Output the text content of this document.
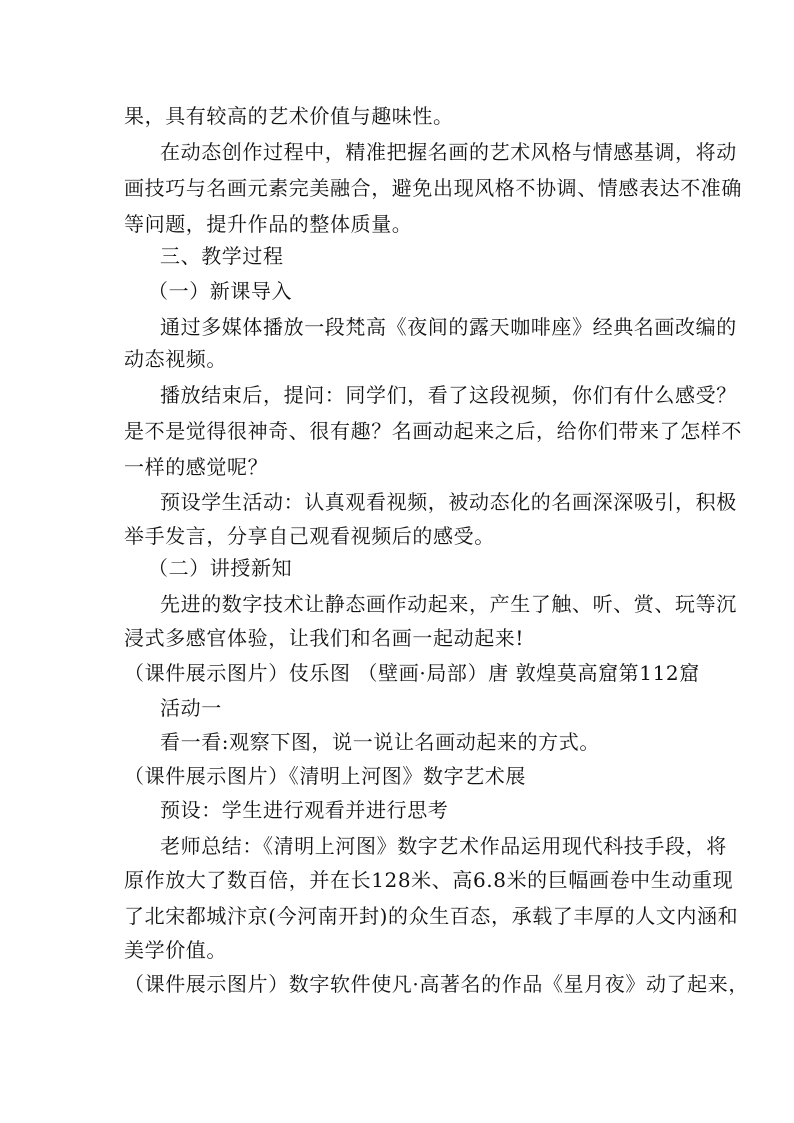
果，具有较高的艺术价值与趣味性。
在动态创作过程中，精准把握名画的艺术风格与情感基调，将动
画技巧与名画元素完美融合，避免出现风格不协调、情感表达不准确
等问题，提升作品的整体质量。
三、教学过程
（一）新课导入
通过多媒体播放一段梵高《夜间的露天咖啡座》经典名画改编的
动态视频。
播放结束后，提问：同学们，看了这段视频，你们有什么感受？
是不是觉得很神奇、很有趣？名画动起来之后，给你们带来了怎样不
一样的感觉呢？
预设学生活动：认真观看视频，被动态化的名画深深吸引，积极
举手发言，分享自己观看视频后的感受。
（二）讲授新知
先进的数字技术让静态画作动起来，产生了触、听、赏、玩等沉
浸式多感官体验，让我们和名画一起动起来!
（课件展示图片）伎乐图 （壁画·局部）唐 敦煌莫高窟第112窟
活动一
看一看:观察下图，说一说让名画动起来的方式。
（课件展示图片）《清明上河图》数字艺术展
预设：学生进行观看并进行思考
老师总结：《清明上河图》数字艺术作品运用现代科技手段，将
原作放大了数百倍，并在长128米、高6.8米的巨幅画卷中生动重现
了北宋都城汴京(今河南开封)的众生百态，承载了丰厚的人文内涵和
美学价值。
（课件展示图片）数字软件使凡·高著名的作品《星月夜》动了起来，
